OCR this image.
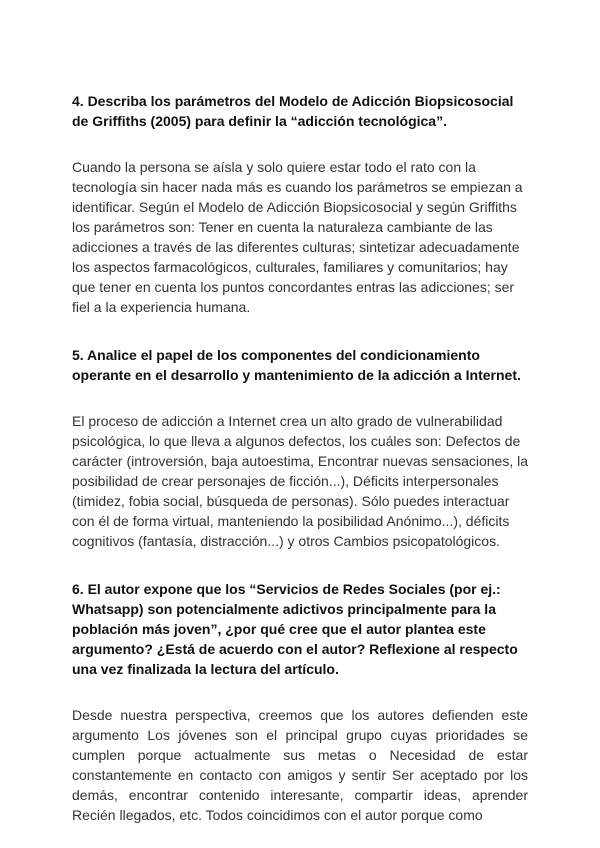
4. Describa los parámetros del Modelo de Adicción Biopsicosocial de Griffiths (2005) para definir la “adicción tecnológica”.

Cuando la persona se aísla y solo quiere estar todo el rato con la tecnología sin hacer nada más es cuando los parámetros se empiezan a identificar. Según el Modelo de Adicción Biopsicosocial y según Griffiths los parámetros son: Tener en cuenta la naturaleza cambiante de las adicciones a través de las diferentes culturas; sintetizar adecuadamente los aspectos farmacológicos, culturales, familiares y comunitarios; hay que tener en cuenta los puntos concordantes entras las adicciones; ser fiel a la experiencia humana.

5. Analice el papel de los componentes del condicionamiento operante en el desarrollo y mantenimiento de la adicción a Internet.

El proceso de adicción a Internet crea un alto grado de vulnerabilidad psicológica, lo que lleva a algunos defectos, los cuáles son: Defectos de carácter (introversión, baja autoestima, Encontrar nuevas sensaciones, la posibilidad de crear personajes de ficción...), Déficits interpersonales (timidez, fobia social, búsqueda de personas). Sólo puedes interactuar con él de forma virtual, manteniendo la posibilidad Anónimo...), déficits cognitivos (fantasía, distracción...) y otros Cambios psicopatológicos.

6. El autor expone que los “Servicios de Redes Sociales (por ej.: Whatsapp) son potencialmente adictivos principalmente para la población más joven”, ¿por qué cree que el autor plantea este argumento? ¿Está de acuerdo con el autor? Reflexione al respecto una vez finalizada la lectura del artículo.

Desde nuestra perspectiva, creemos que los autores defienden este argumento Los jóvenes son el principal grupo cuyas prioridades se cumplen porque actualmente sus metas o Necesidad de estar constantemente en contacto con amigos y sentir Ser aceptado por los demás, encontrar contenido interesante, compartir ideas, aprender Recién llegados, etc. Todos coincidimos con el autor porque como
